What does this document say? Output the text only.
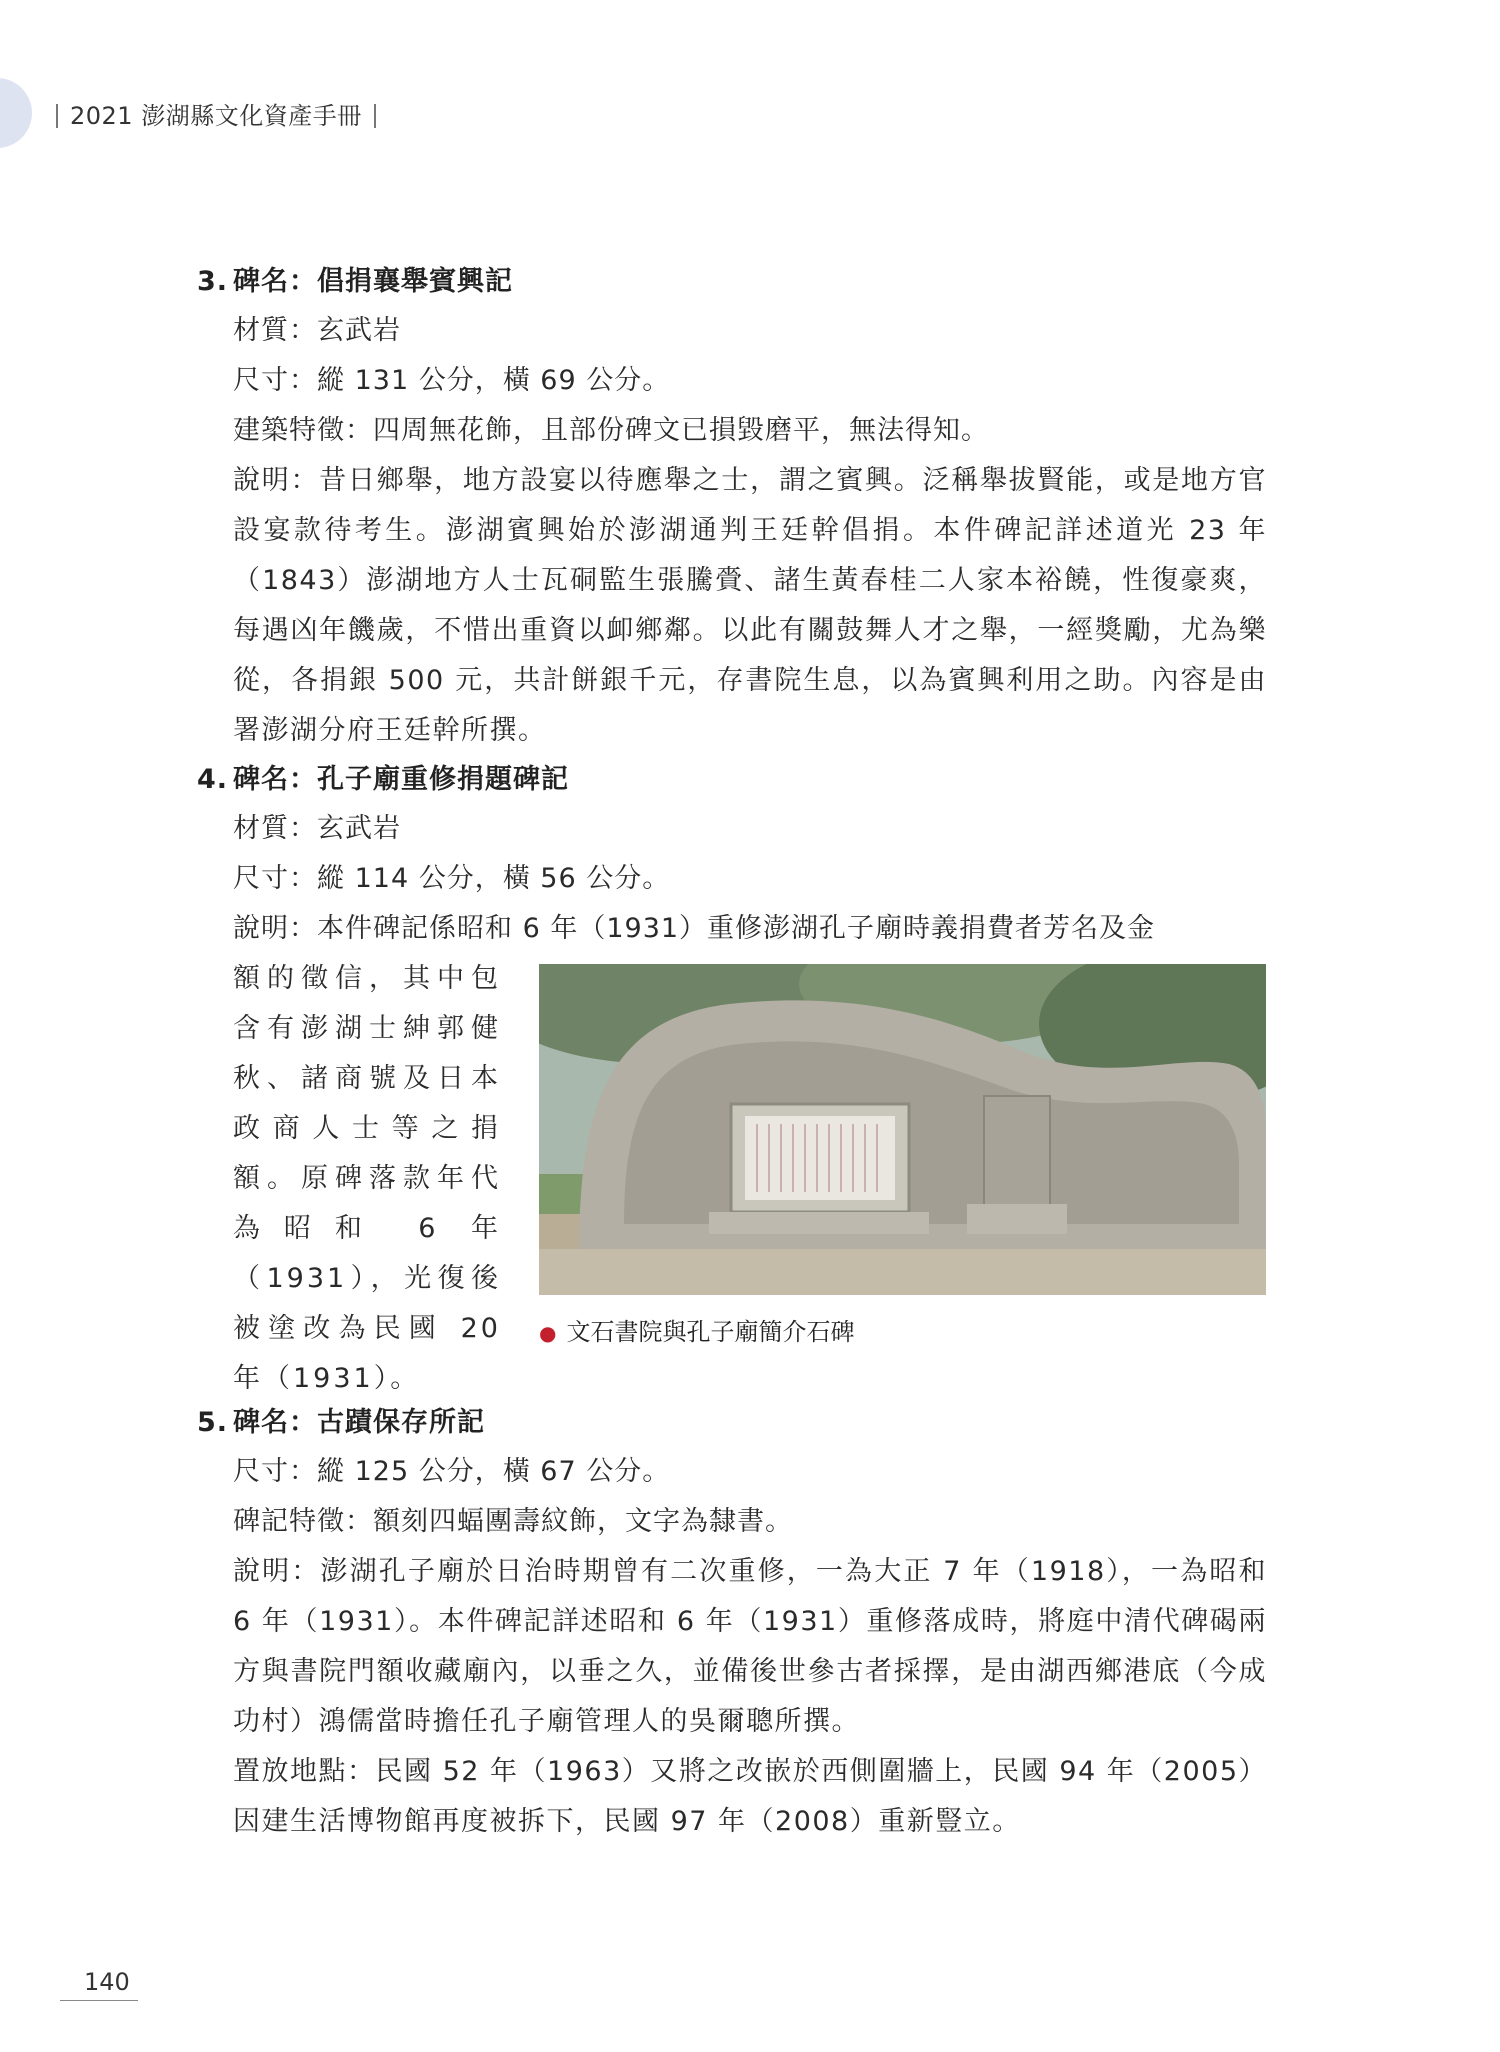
2021 澎湖縣文化資產手冊
3. 碑名：倡捐襄舉賓興記
材質：玄武岩
尺寸：縱 131 公分，橫 69 公分。
建築特徵：四周無花飾，且部份碑文已損毀磨平，無法得知。
說明：昔日鄉舉，地方設宴以待應舉之士，謂之賓興。泛稱舉拔賢能，或是地方官設宴款待考生。澎湖賓興始於澎湖通判王廷幹倡捐。本件碑記詳述道光 23 年（1843）澎湖地方人士瓦硐監生張騰賫、諸生黃春桂二人家本裕饒，性復豪爽，每遇凶年饑歲，不惜出重資以卹鄉鄰。以此有關鼓舞人才之舉，一經獎勵，尤為樂從，各捐銀 500 元，共計餅銀千元，存書院生息，以為賓興利用之助。內容是由署澎湖分府王廷幹所撰。
4. 碑名：孔子廟重修捐題碑記
材質：玄武岩
尺寸：縱 114 公分，橫 56 公分。
說明：本件碑記係昭和 6 年（1931）重修澎湖孔子廟時義捐費者芳名及金
額的徵信，其中包含有澎湖士紳郭健秋、諸商號及日本政商人士等之捐額。原碑落款年代為昭和 6 年（1931），光復後被塗改為民國 20 年（1931）。
● 文石書院與孔子廟簡介石碑
5. 碑名：古蹟保存所記
尺寸：縱 125 公分，橫 67 公分。
碑記特徵：額刻四蝠團壽紋飾，文字為隸書。
說明：澎湖孔子廟於日治時期曾有二次重修，一為大正 7 年（1918），一為昭和 6 年（1931）。本件碑記詳述昭和 6 年（1931）重修落成時，將庭中清代碑碣兩方與書院門額收藏廟內，以垂之久，並備後世參古者採擇，是由湖西鄉港底（今成功村）鴻儒當時擔任孔子廟管理人的吳爾聰所撰。
置放地點：民國 52 年（1963）又將之改嵌於西側圍牆上，民國 94 年（2005）因建生活博物館再度被拆下，民國 97 年（2008）重新豎立。
140
